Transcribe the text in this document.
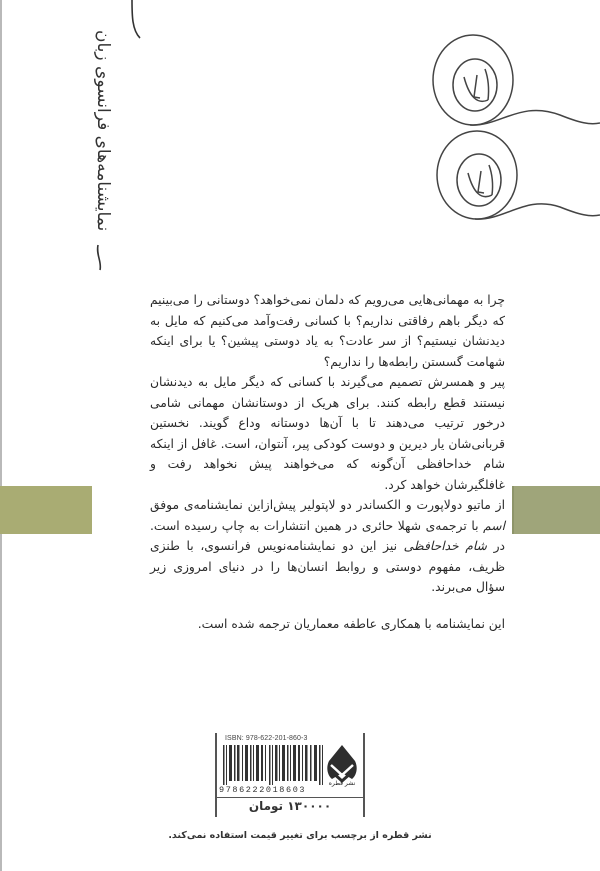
نمایشنامه‌های فرانسوی زبان

چرا به مهمانی‌هایی می‌رویم که دلمان نمی‌خواهد؟ دوستانی را می‌بینیم که دیگر باهم رفاقتی نداریم؟ با کسانی رفت‌وآمد می‌کنیم که مایل به دیدنشان نیستیم؟ از سر عادت؟ به یاد دوستی پیشین؟ یا برای اینکه شهامت گسستن رابطه‌ها را نداریم؟

پیر و همسرش تصمیم می‌گیرند با کسانی که دیگر مایل به دیدنشان نیستند قطع رابطه کنند. برای هریک از دوستانشان مهمانی شامی درخور ترتیب می‌دهند تا با آن‌ها دوستانه وداع گویند. نخستین قربانی‌شان یار دیرین و دوست کودکی پیر، آنتوان، است. غافل از اینکه شام خداحافظی آن‌گونه که می‌خواهند پیش نخواهد رفت و غافلگیرشان خواهد کرد.

از ماتیو دولاپورت و الکساندر دو لاپتولیر پیش‌ازاین نمایشنامه‌ی موفق اسم با ترجمه‌ی شهلا حائری در همین انتشارات به چاپ رسیده است. در شام خداحافظی نیز این دو نمایشنامه‌نویس فرانسوی، با طنزی ظریف، مفهوم دوستی و روابط انسان‌ها را در دنیای امروزی زیر سؤال می‌برند.

این نمایشنامه با همکاری عاطفه معماریان ترجمه شده است.

ISBN: 978-622-201-860-3
9786222018603
نشر قطره
۱۳۰۰۰۰ تومان
نشر قطره از برچسب برای تغییر قیمت استفاده نمی‌کند.
